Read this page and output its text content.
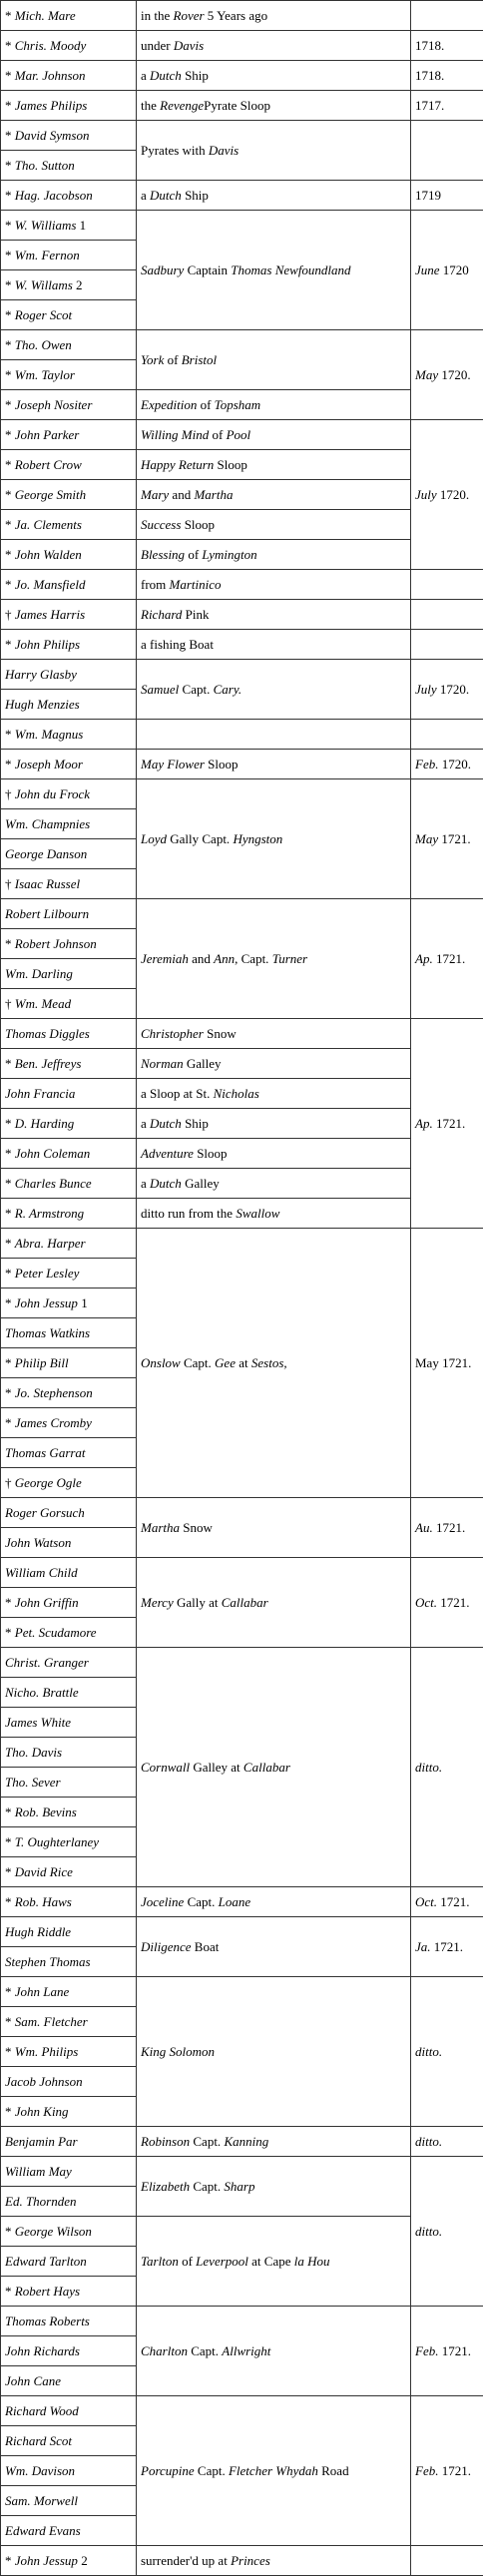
* Mich. Mare	in the Rover 5 Years ago	
* Chris. Moody	under Davis	1718.
* Mar. Johnson	a Dutch Ship	1718.
* James Philips	the RevengePyrate Sloop	1717.
* David Symson	Pyrates with Davis	
* Tho. Sutton		
* Hag. Jacobson	a Dutch Ship	1719
* W. Williams 1	Sadbury Captain Thomas Newfoundland	June 1720
* Wm. Fernon		
* W. Willams 2		
* Roger Scot		
* Tho. Owen	York of Bristol	May 1720.
* Wm. Taylor		
* Joseph Nositer	Expedition of Topsham	
* John Parker	Willing Mind of Pool	July 1720.
* Robert Crow	Happy Return Sloop	
* George Smith	Mary and Martha	
* Ja. Clements	Success Sloop	
* John Walden	Blessing of Lymington	
* Jo. Mansfield	from Martinico	
† James Harris	Richard Pink	
* John Philips	a fishing Boat	
Harry Glasby	Samuel Capt. Cary.	July 1720.
Hugh Menzies		
* Wm. Magnus		
* Joseph Moor	May Flower Sloop	Feb. 1720.
† John du Frock	Loyd Gally Capt. Hyngston	May 1721.
Wm. Champnies		
George Danson		
† Isaac Russel		
Robert Lilbourn	Jeremiah and Ann, Capt. Turner	Ap. 1721.
* Robert Johnson		
Wm. Darling		
† Wm. Mead		
Thomas Diggles	Christopher Snow	Ap. 1721.
* Ben. Jeffreys	Norman Galley	
John Francia	a Sloop at St. Nicholas	
* D. Harding	a Dutch Ship	
* John Coleman	Adventure Sloop	
* Charles Bunce	a Dutch Galley	
* R. Armstrong	ditto run from the Swallow	
* Abra. Harper	Onslow Capt. Gee at Sestos,	May 1721.
* Peter Lesley		
* John Jessup 1		
Thomas Watkins		
* Philip Bill		
* Jo. Stephenson		
* James Cromby		
Thomas Garrat		
† George Ogle		
Roger Gorsuch	Martha Snow	Au. 1721.
John Watson		
William Child	Mercy Gally at Callabar	Oct. 1721.
* John Griffin		
* Pet. Scudamore		
Christ. Granger	Cornwall Galley at Callabar	ditto.
Nicho. Brattle		
James White		
Tho. Davis		
Tho. Sever		
* Rob. Bevins		
* T. Oughterlaney		
* David Rice		
* Rob. Haws	Joceline Capt. Loane	Oct. 1721.
Hugh Riddle	Diligence Boat	Ja. 1721.
Stephen Thomas		
* John Lane	King Solomon	ditto.
* Sam. Fletcher		
* Wm. Philips		
Jacob Johnson		
* John King		
Benjamin Par	Robinson Capt. Kanning	ditto.
William May	Elizabeth Capt. Sharp	ditto.
Ed. Thornden		
* George Wilson	Tarlton of Leverpool at Cape la Hou	
Edward Tarlton		
* Robert Hays		
Thomas Roberts	Charlton Capt. Allwright	Feb. 1721.
John Richards		
John Cane		
Richard Wood	Porcupine Capt. Fletcher Whydah Road	Feb. 1721.
Richard Scot		
Wm. Davison		
Sam. Morwell		
Edward Evans		
* John Jessup 2	surrender'd up at Princes	
